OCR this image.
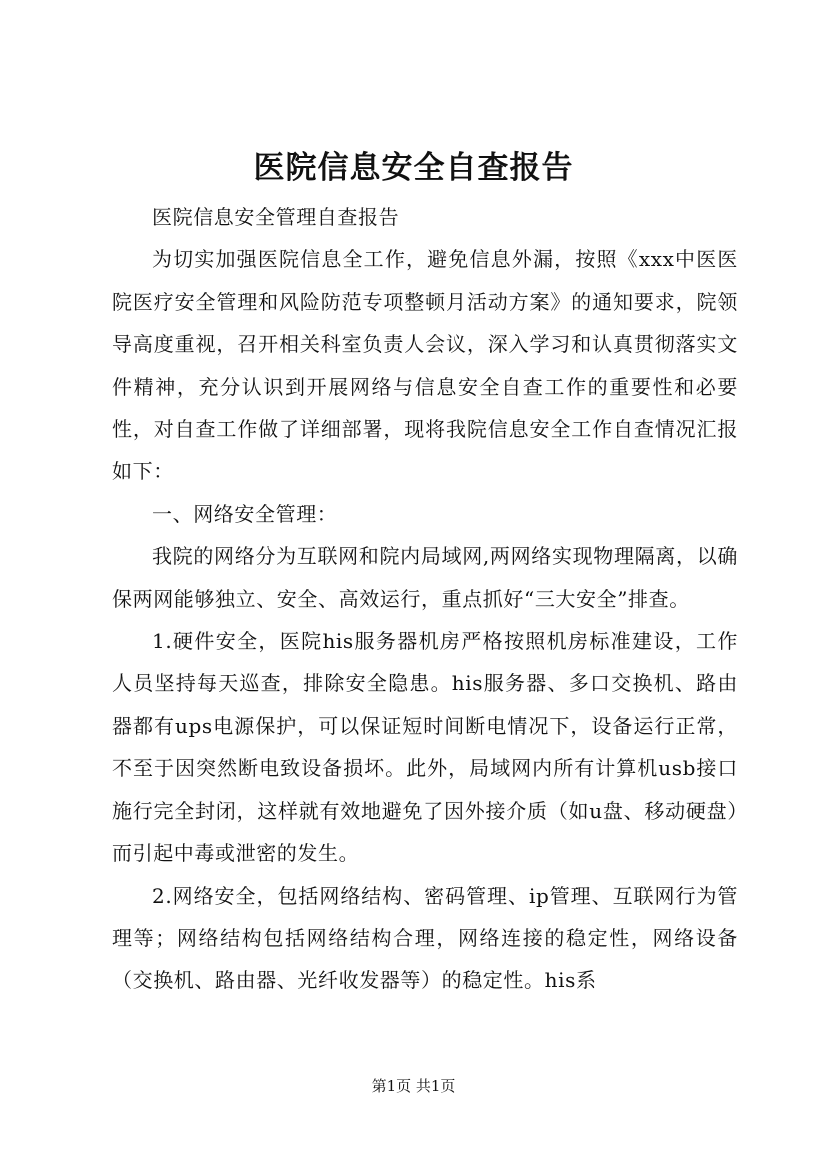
医院信息安全自查报告

医院信息安全管理自查报告

为切实加强医院信息全工作，避免信息外漏，按照《xxx中医医院医疗安全管理和风险防范专项整顿月活动方案》的通知要求，院领导高度重视，召开相关科室负责人会议，深入学习和认真贯彻落实文件精神，充分认识到开展网络与信息安全自查工作的重要性和必要性，对自查工作做了详细部署，现将我院信息安全工作自查情况汇报如下：

一、网络安全管理：

我院的网络分为互联网和院内局域网,两网络实现物理隔离，以确保两网能够独立、安全、高效运行，重点抓好“三大安全”排查。

1.硬件安全，医院his服务器机房严格按照机房标准建设，工作人员坚持每天巡查，排除安全隐患。his服务器、多口交换机、路由器都有ups电源保护，可以保证短时间断电情况下，设备运行正常，不至于因突然断电致设备损坏。此外，局域网内所有计算机usb接口施行完全封闭，这样就有效地避免了因外接介质（如u盘、移动硬盘）而引起中毒或泄密的发生。

2.网络安全，包括网络结构、密码管理、ip管理、互联网行为管理等；网络结构包括网络结构合理，网络连接的稳定性，网络设备（交换机、路由器、光纤收发器等）的稳定性。his系

第1页 共1页
